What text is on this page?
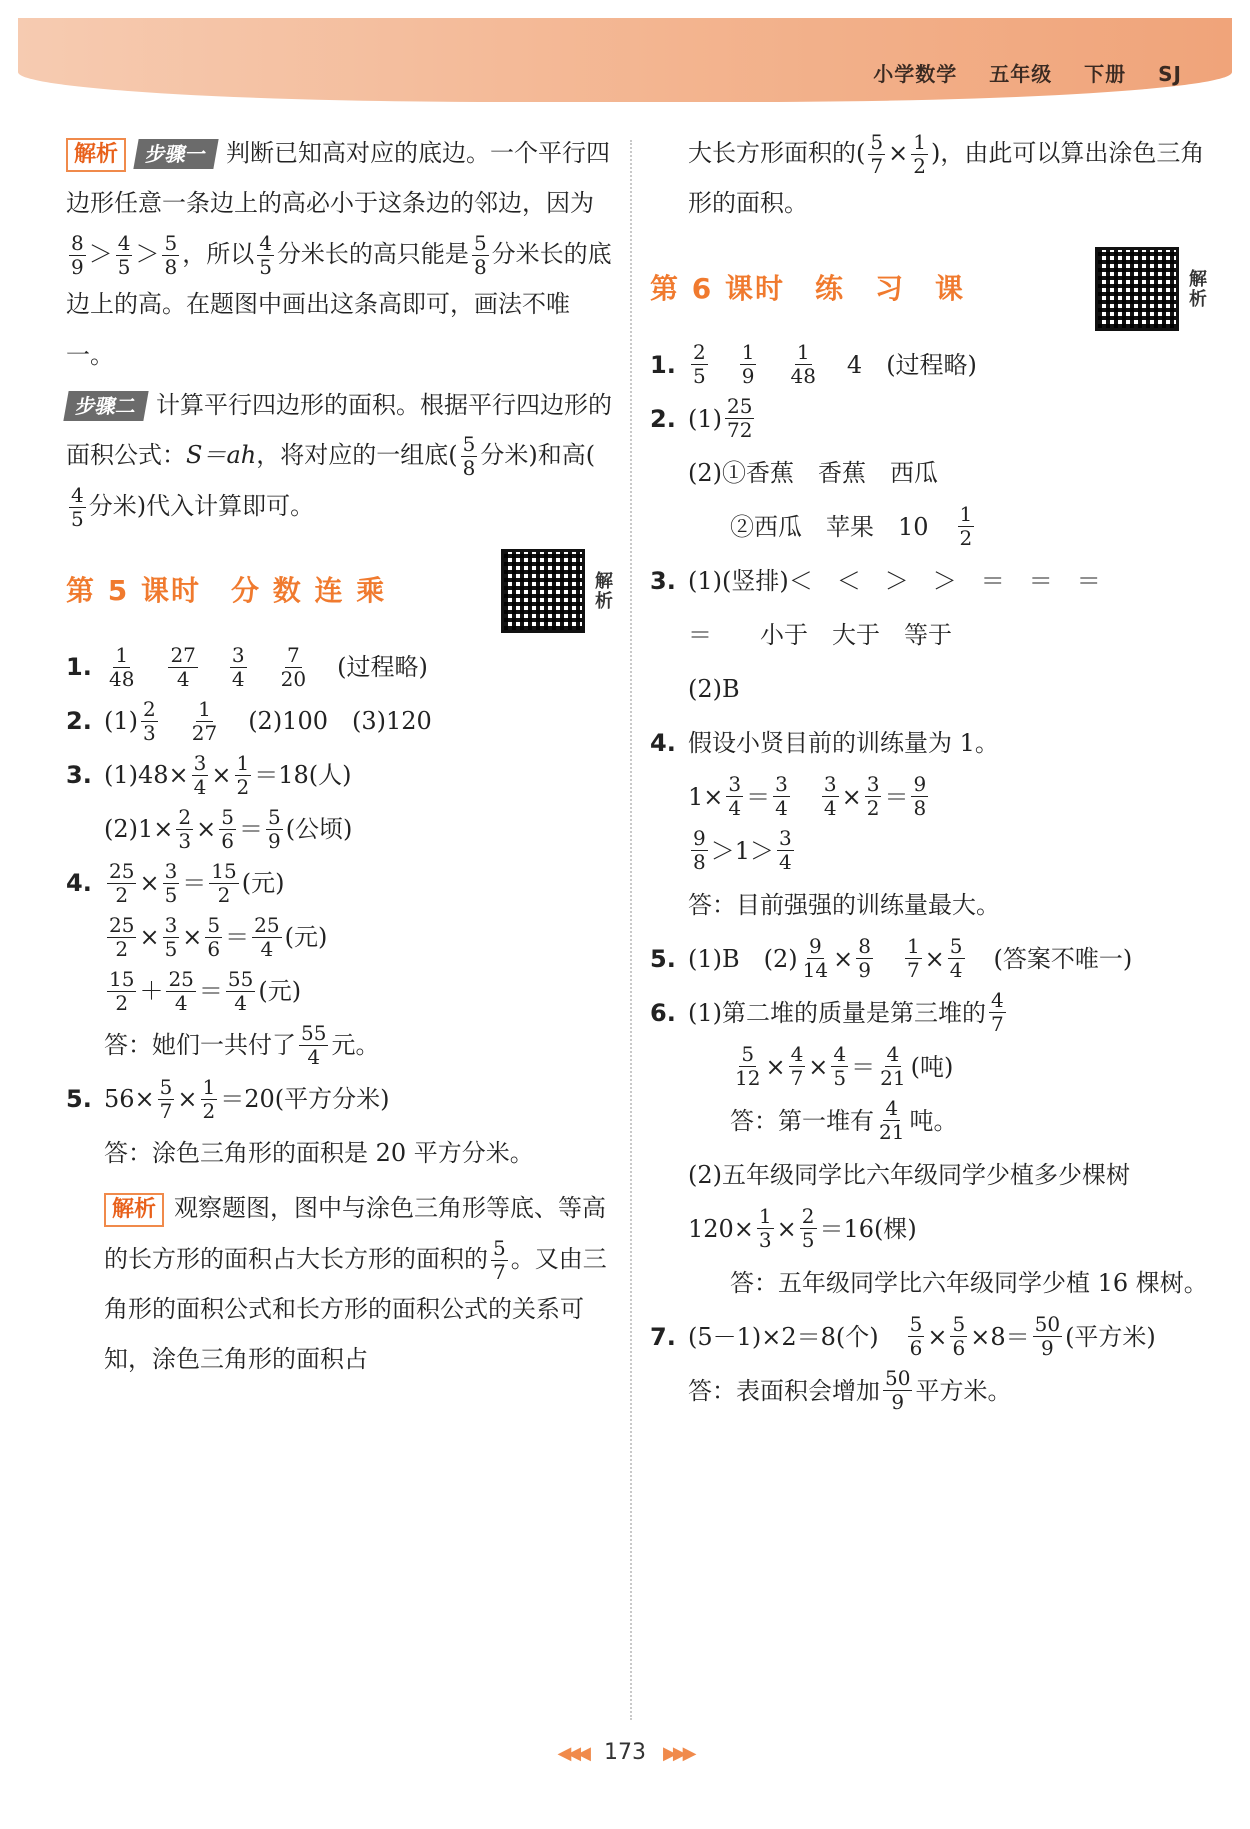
小学数学 五年级 下册 SJ
解析 步骤一 判断已知高对应的底边。一个平行四边形任意一条边上的高必小于这条边的邻边，因为
$\frac{8}{9} > \frac{4}{5} > \frac{5}{8}$ ，所以 $\frac{4}{5}$ 分米长的高只能是 $\frac{5}{8}$ 分米长的底边上的高。在题图中画出这条高即可，画法不唯一。
步骤二 计算平行四边形的面积。根据平行四边形的面积公式：S＝ah，将对应的一组底( $\frac{5}{8}$ 分米)和高(
$\frac{4}{5}$ 分米)代入计算即可。
第 5 课时　分 数 连 乘	解析
1. $\frac{1}{48} \frac{27}{4} \frac{3}{4} \frac{7}{20}$ (过程略)
2. $(1) \frac{2}{3} \frac{1}{27} (2)100$　(3)120
3. $(1)48\times \frac{3}{4} \times \frac{1}{2} =18$(人)
$(2)1\times \frac{2}{3} \times \frac{5}{6} = \frac{5}{9}$ (公顷)
4. $\frac{25}{2} \times \frac{3}{5} = \frac{15}{2}$ (元)
$\frac{25}{2} \times \frac{3}{5} \times \frac{5}{6} = \frac{25}{4}$ (元)
$\frac{15}{2} + \frac{25}{4} = \frac{55}{4}$ (元)
答：她们一共付了 $\frac{55}{4}$ 元。
5. $56\times \frac{5}{7} \times \frac{1}{2} =20$(平方分米)
答：涂色三角形的面积是 20 平方分米。
解析 观察题图，图中与涂色三角形等底、等高的长方形的面积占大长方形的面积的 $\frac{5}{7}$ 。又由三角形的面积公式和长方形的面积公式的关系可知，涂色三角形的面积占
大长方形面积的( $\frac{5}{7} \times \frac{1}{2}$ )，由此可以算出涂色三角形的面积。
第 6 课时　练　习　课	解析
1. $\frac{2}{5} \frac{1}{9} \frac{1}{48} 4$　(过程略)
2. $(1) \frac{25}{72}$
(2)①香蕉　香蕉　西瓜
②西瓜　苹果　$10 \frac{1}{2}$
3. (1)(竖排)＜　＜　＞　＞　＝　＝　＝
＝　　小于　大于　等于
(2)B
4. 假设小贤目前的训练量为 1。
$1\times \frac{3}{4} = \frac{3}{4} \frac{3}{4} \times \frac{3}{2} = \frac{9}{8}$
$\frac{9}{8} >1> \frac{3}{4}$
答：目前强强的训练量最大。
5. (1)B　$(2) \frac{9}{14} \times \frac{8}{9} \frac{1}{7} \times \frac{5}{4}$ (答案不唯一)
6. (1)第二堆的质量是第三堆的 $\frac{4}{7}$
$\frac{5}{12} \times \frac{4}{7} \times \frac{4}{5} = \frac{4}{21}$ (吨)
答：第一堆有 $\frac{4}{21}$ 吨。
(2)五年级同学比六年级同学少植多少棵树
$120\times \frac{1}{3} \times \frac{2}{5} =16$(棵)
答：五年级同学比六年级同学少植 16 棵树。
7. (5－1)×2＝8(个) $\frac{5}{6} \times \frac{5}{6} \times 8= \frac{50}{9}$ (平方米)
答：表面积会增加 $\frac{50}{9}$ 平方米。
◀◀◀ 173 ▶▶▶
